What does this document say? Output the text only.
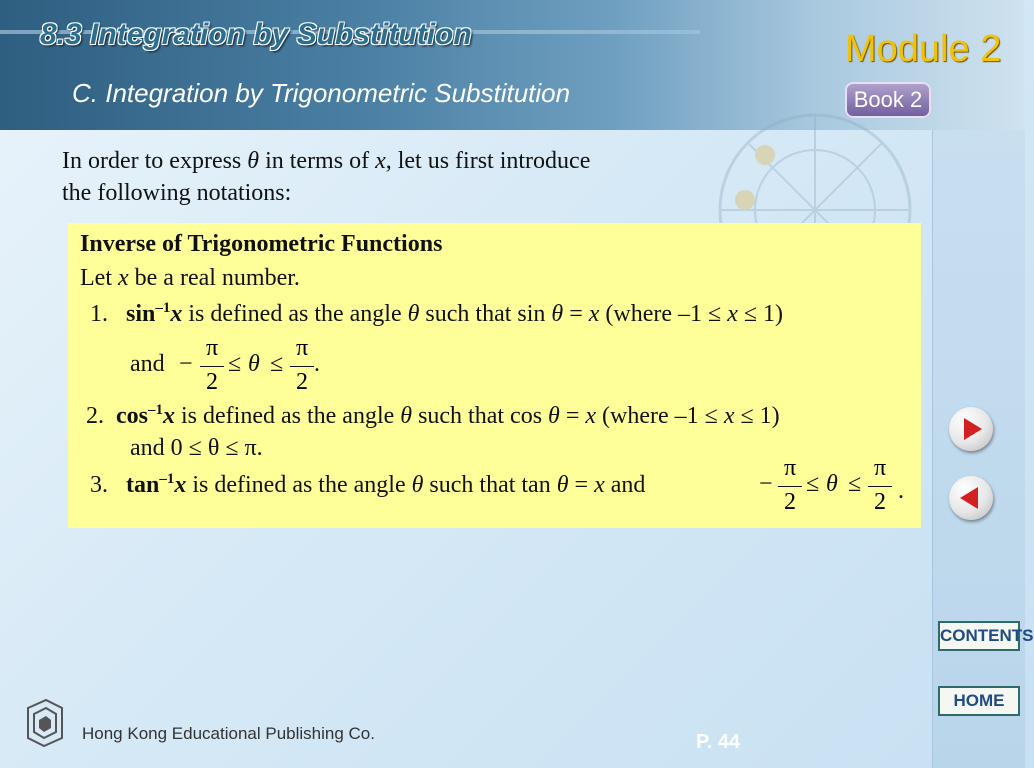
8.3 Integration by Substitution
C. Integration by Trigonometric Substitution
Module 2
Book 2
In order to express θ in terms of x, let us first introduce
the following notations:
Inverse of Trigonometric Functions
Let x be a real number.
1. $\sin^{-1}x$ is defined as the angle θ such that sin θ = x (where –1 ≤ x ≤ 1)
and −
π
2
≤ θ ≤
π
2
.
2. $\cos^{-1}x$ is defined as the angle θ such that cos θ = x (where –1 ≤ x ≤ 1)
and 0 ≤ θ ≤ π.
3. $\tan^{-1}x$ is defined as the angle θ such that tan θ = x and	−
π
2
≤ θ ≤
π
2 .
CONTENTS
HOME
Hong Kong Educational Publishing Co.	P. 44
